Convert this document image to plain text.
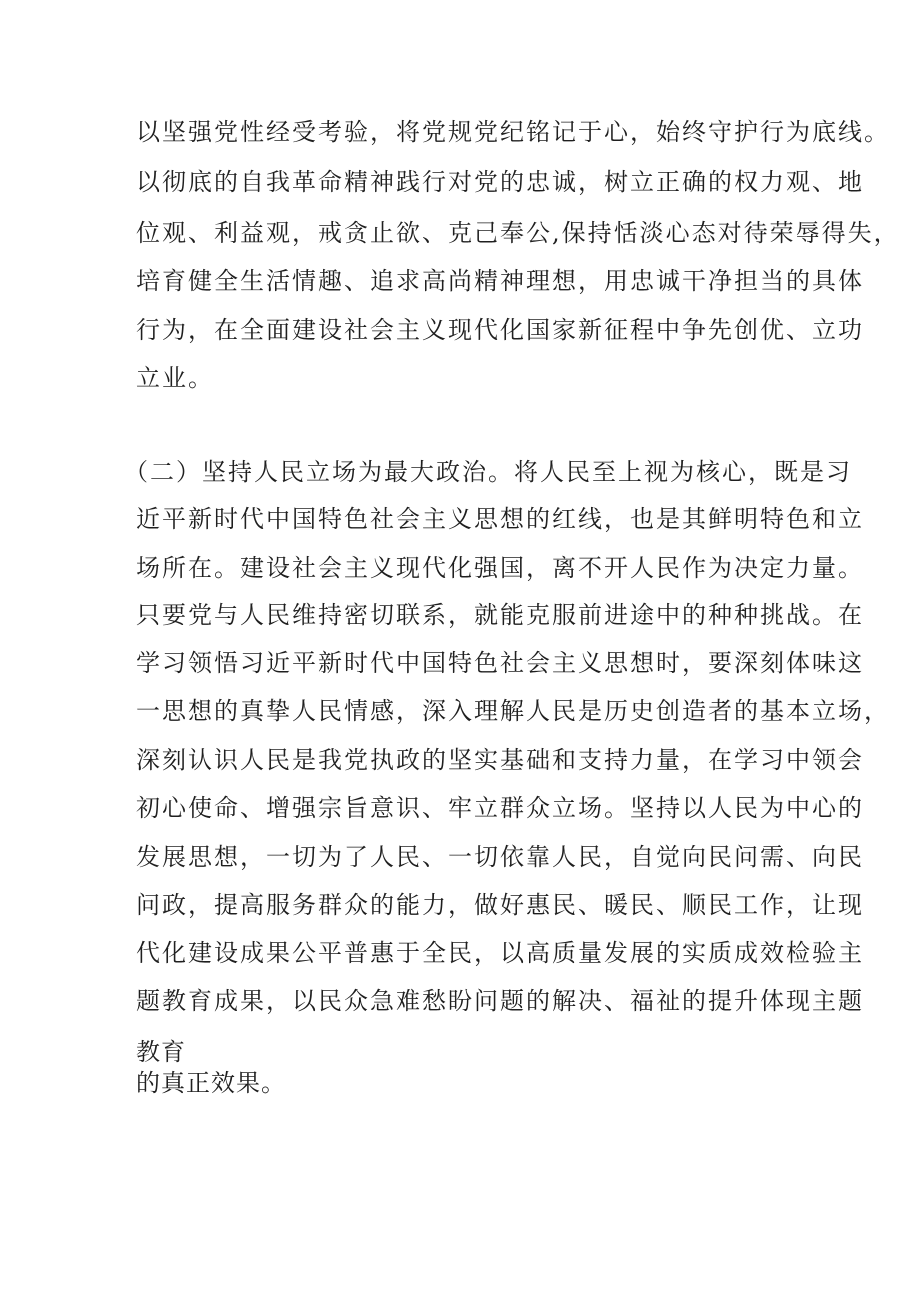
以坚强党性经受考验，将党规党纪铭记于心，始终守护行为底线。
以彻底的自我革命精神践行对党的忠诚，树立正确的权力观、地
位观、利益观，戒贪止欲、克己奉公,保持恬淡心态对待荣辱得失，
培育健全生活情趣、追求高尚精神理想，用忠诚干净担当的具体
行为，在全面建设社会主义现代化国家新征程中争先创优、立功
立业。
（二）坚持人民立场为最大政治。将人民至上视为核心，既是习
近平新时代中国特色社会主义思想的红线，也是其鲜明特色和立
场所在。建设社会主义现代化强国，离不开人民作为决定力量。
只要党与人民维持密切联系，就能克服前进途中的种种挑战。在
学习领悟习近平新时代中国特色社会主义思想时，要深刻体味这
一思想的真挚人民情感，深入理解人民是历史创造者的基本立场，
深刻认识人民是我党执政的坚实基础和支持力量，在学习中领会
初心使命、增强宗旨意识、牢立群众立场。坚持以人民为中心的
发展思想，一切为了人民、一切依靠人民，自觉向民问需、向民
问政，提高服务群众的能力，做好惠民、暖民、顺民工作，让现
代化建设成果公平普惠于全民，以高质量发展的实质成效检验主
题教育成果，以民众急难愁盼问题的解决、福祉的提升体现主题
教育
的真正效果。
